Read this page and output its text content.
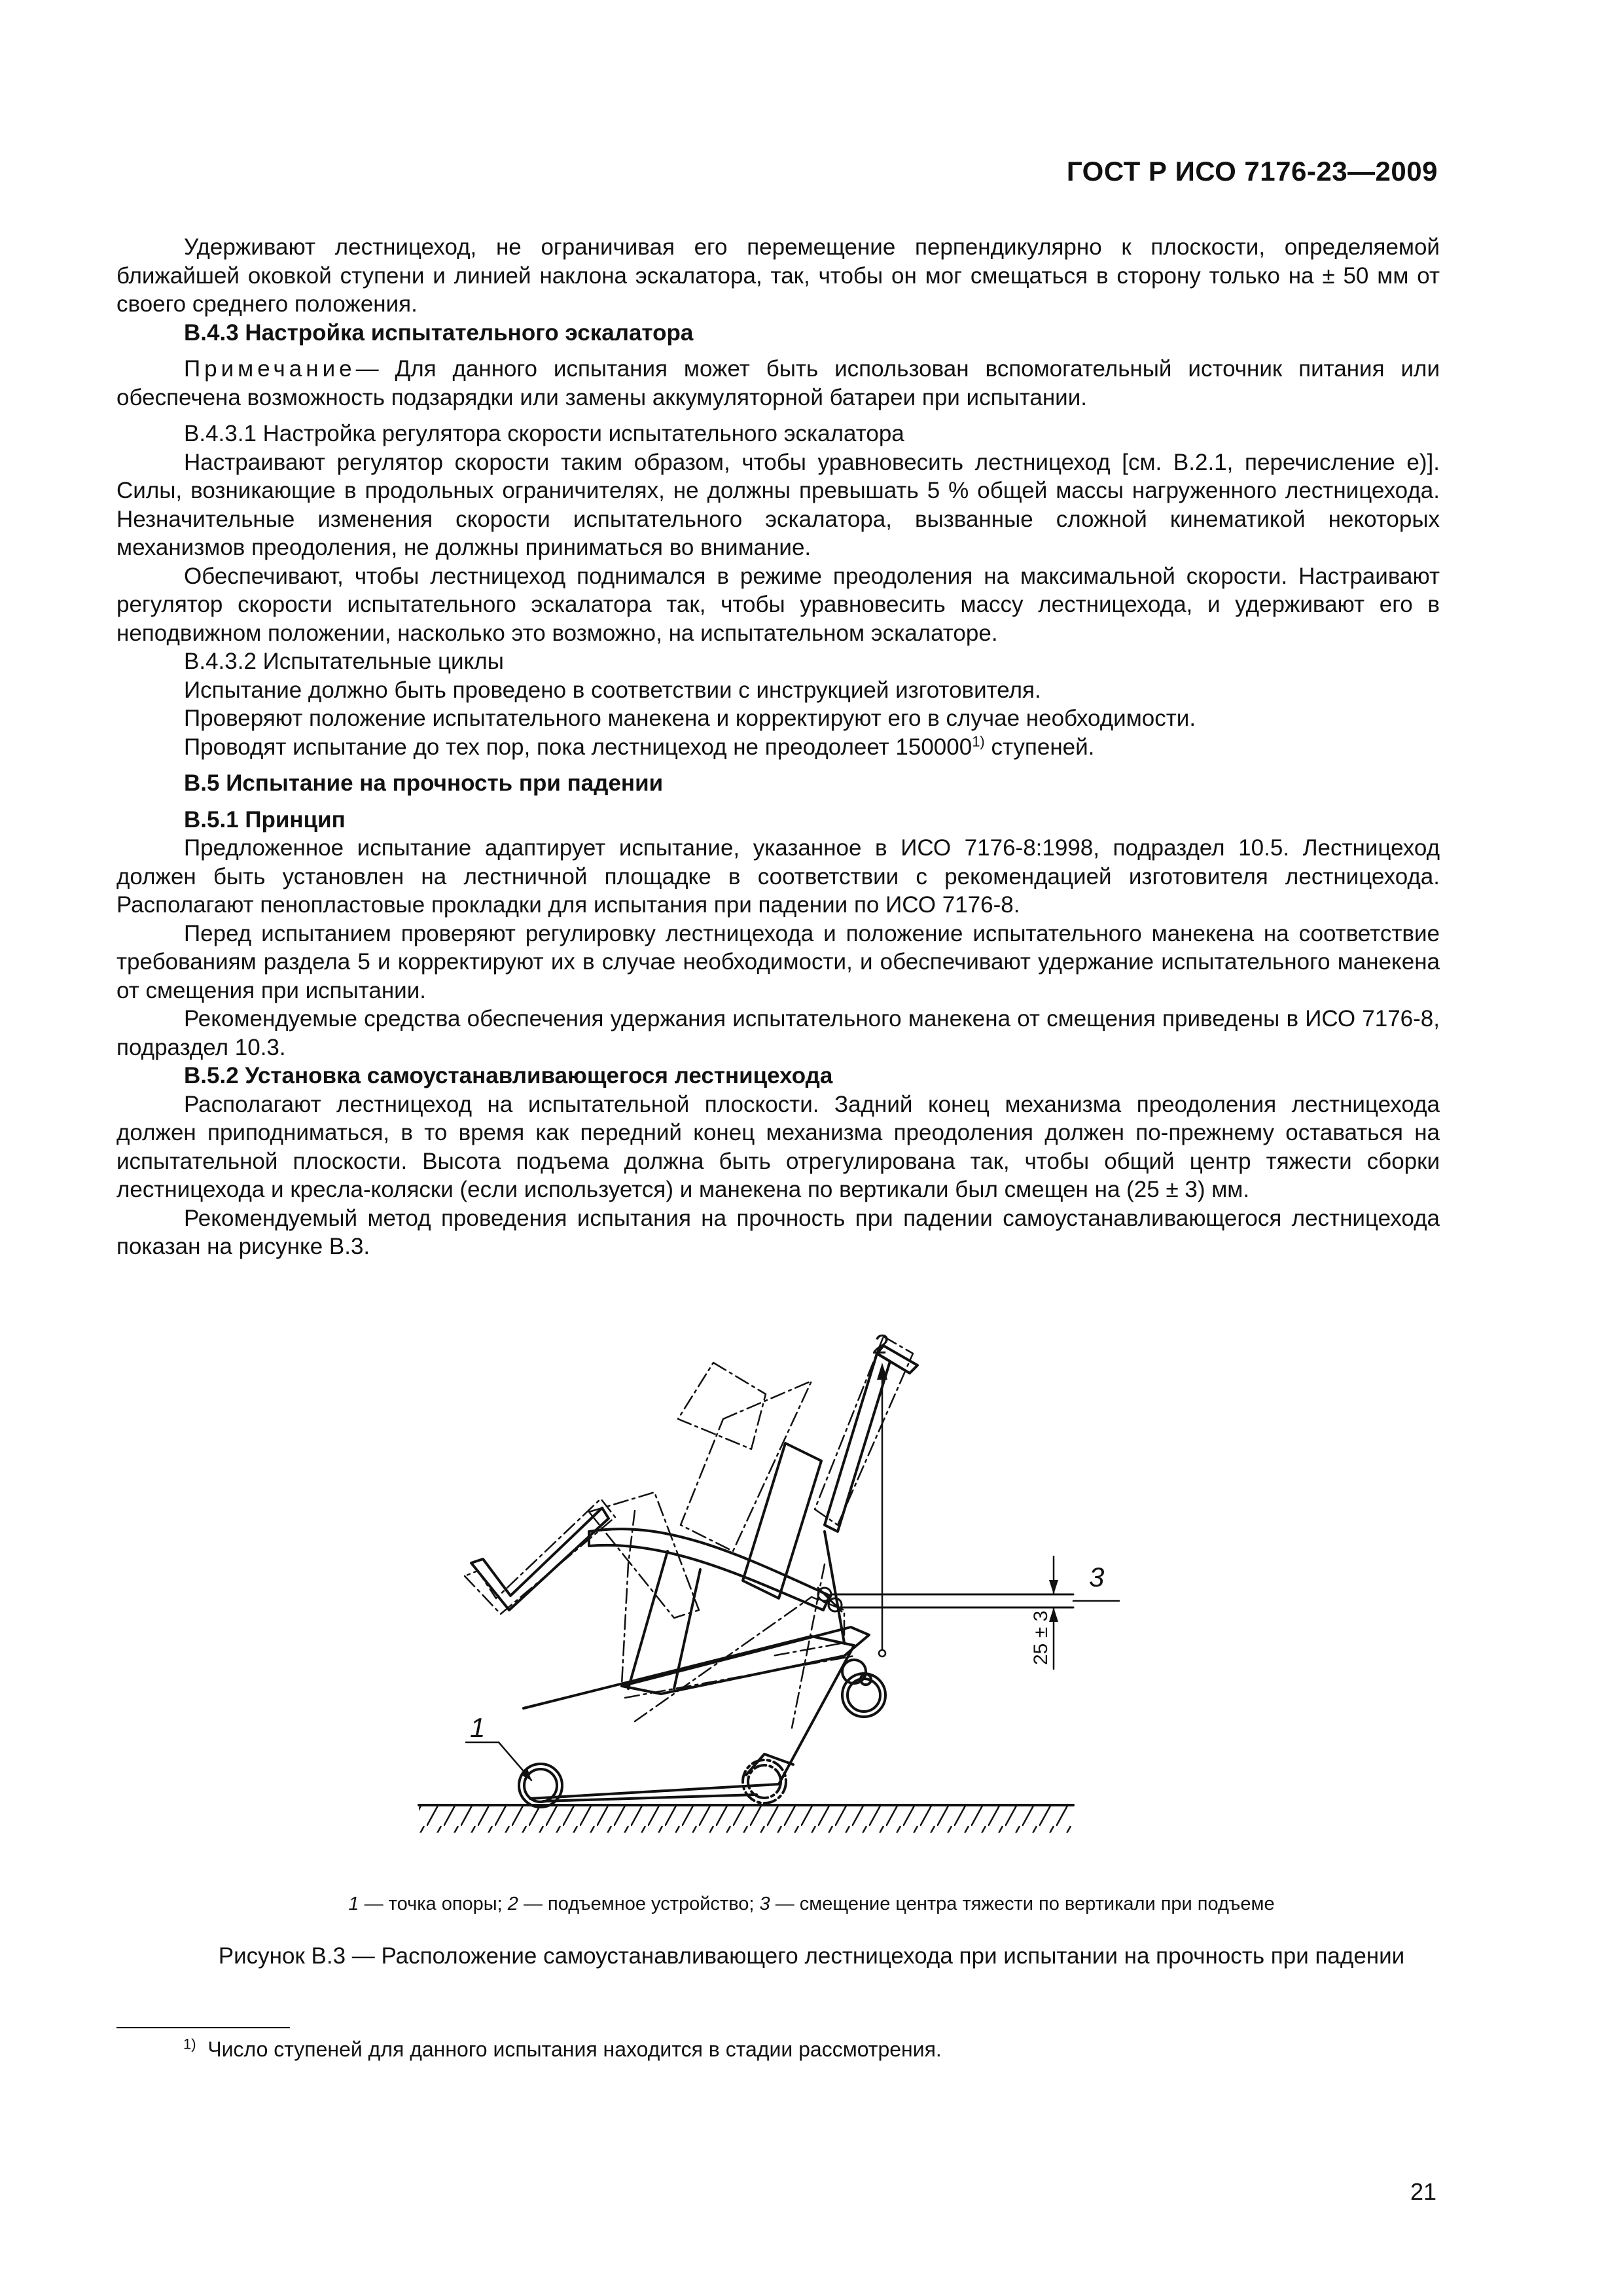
ГОСТ Р ИСО 7176-23—2009

Удерживают лестницеход, не ограничивая его перемещение перпендикулярно к плоскости, определяемой ближайшей оковкой ступени и линией наклона эскалатора, так, чтобы он мог смещаться в сторону только на ± 50 мм от своего среднего положения.

B.4.3 Настройка испытательного эскалатора

Примечание— Для данного испытания может быть использован вспомогательный источник питания или обеспечена возможность подзарядки или замены аккумуляторной батареи при испытании.

B.4.3.1 Настройка регулятора скорости испытательного эскалатора

Настраивают регулятор скорости таким образом, чтобы уравновесить лестницеход [см. B.2.1, перечисление е)]. Силы, возникающие в продольных ограничителях, не должны превышать 5 % общей массы нагруженного лестницехода. Незначительные изменения скорости испытательного эскалатора, вызванные сложной кинематикой некоторых механизмов преодоления, не должны приниматься во внимание.

Обеспечивают, чтобы лестницеход поднимался в режиме преодоления на максимальной скорости. Настраивают регулятор скорости испытательного эскалатора так, чтобы уравновесить массу лестницехода, и удерживают его в неподвижном положении, насколько это возможно, на испытательном эскалаторе.

B.4.3.2 Испытательные циклы

Испытание должно быть проведено в соответствии с инструкцией изготовителя.

Проверяют положение испытательного манекена и корректируют его в случае необходимости.

Проводят испытание до тех пор, пока лестницеход не преодолеет 150000$^{1)}$ ступеней.

B.5 Испытание на прочность при падении

B.5.1 Принцип

Предложенное испытание адаптирует испытание, указанное в ИСО 7176-8:1998, подраздел 10.5. Лестницеход должен быть установлен на лестничной площадке в соответствии с рекомендацией изготовителя лестницехода. Располагают пенопластовые прокладки для испытания при падении по ИСО 7176-8.

Перед испытанием проверяют регулировку лестницехода и положение испытательного манекена на соответствие требованиям раздела 5 и корректируют их в случае необходимости, и обеспечивают удержание испытательного манекена от смещения при испытании.

Рекомендуемые средства обеспечения удержания испытательного манекена от смещения приведены в ИСО 7176-8, подраздел 10.3.

B.5.2 Установка самоустанавливающегося лестницехода

Располагают лестницеход на испытательной плоскости. Задний конец механизма преодоления лестницехода должен приподниматься, в то время как передний конец механизма преодоления должен по-прежнему оставаться на испытательной плоскости. Высота подъема должна быть отрегулирована так, чтобы общий центр тяжести сборки лестницехода и кресла-коляски (если используется) и манекена по вертикали был смещен на (25 ± 3) мм.

Рекомендуемый метод проведения испытания на прочность при падении самоустанавливающегося лестницехода показан на рисунке B.3.

1
2
3
25 ± 3
1 — точка опоры; 2 — подъемное устройство; 3 — смещение центра тяжести по вертикали при подъеме
Рисунок B.3 — Расположение самоустанавливающего лестницехода при испытании на прочность при падении
$^{1)}$ Число ступеней для данного испытания находится в стадии рассмотрения.
21
